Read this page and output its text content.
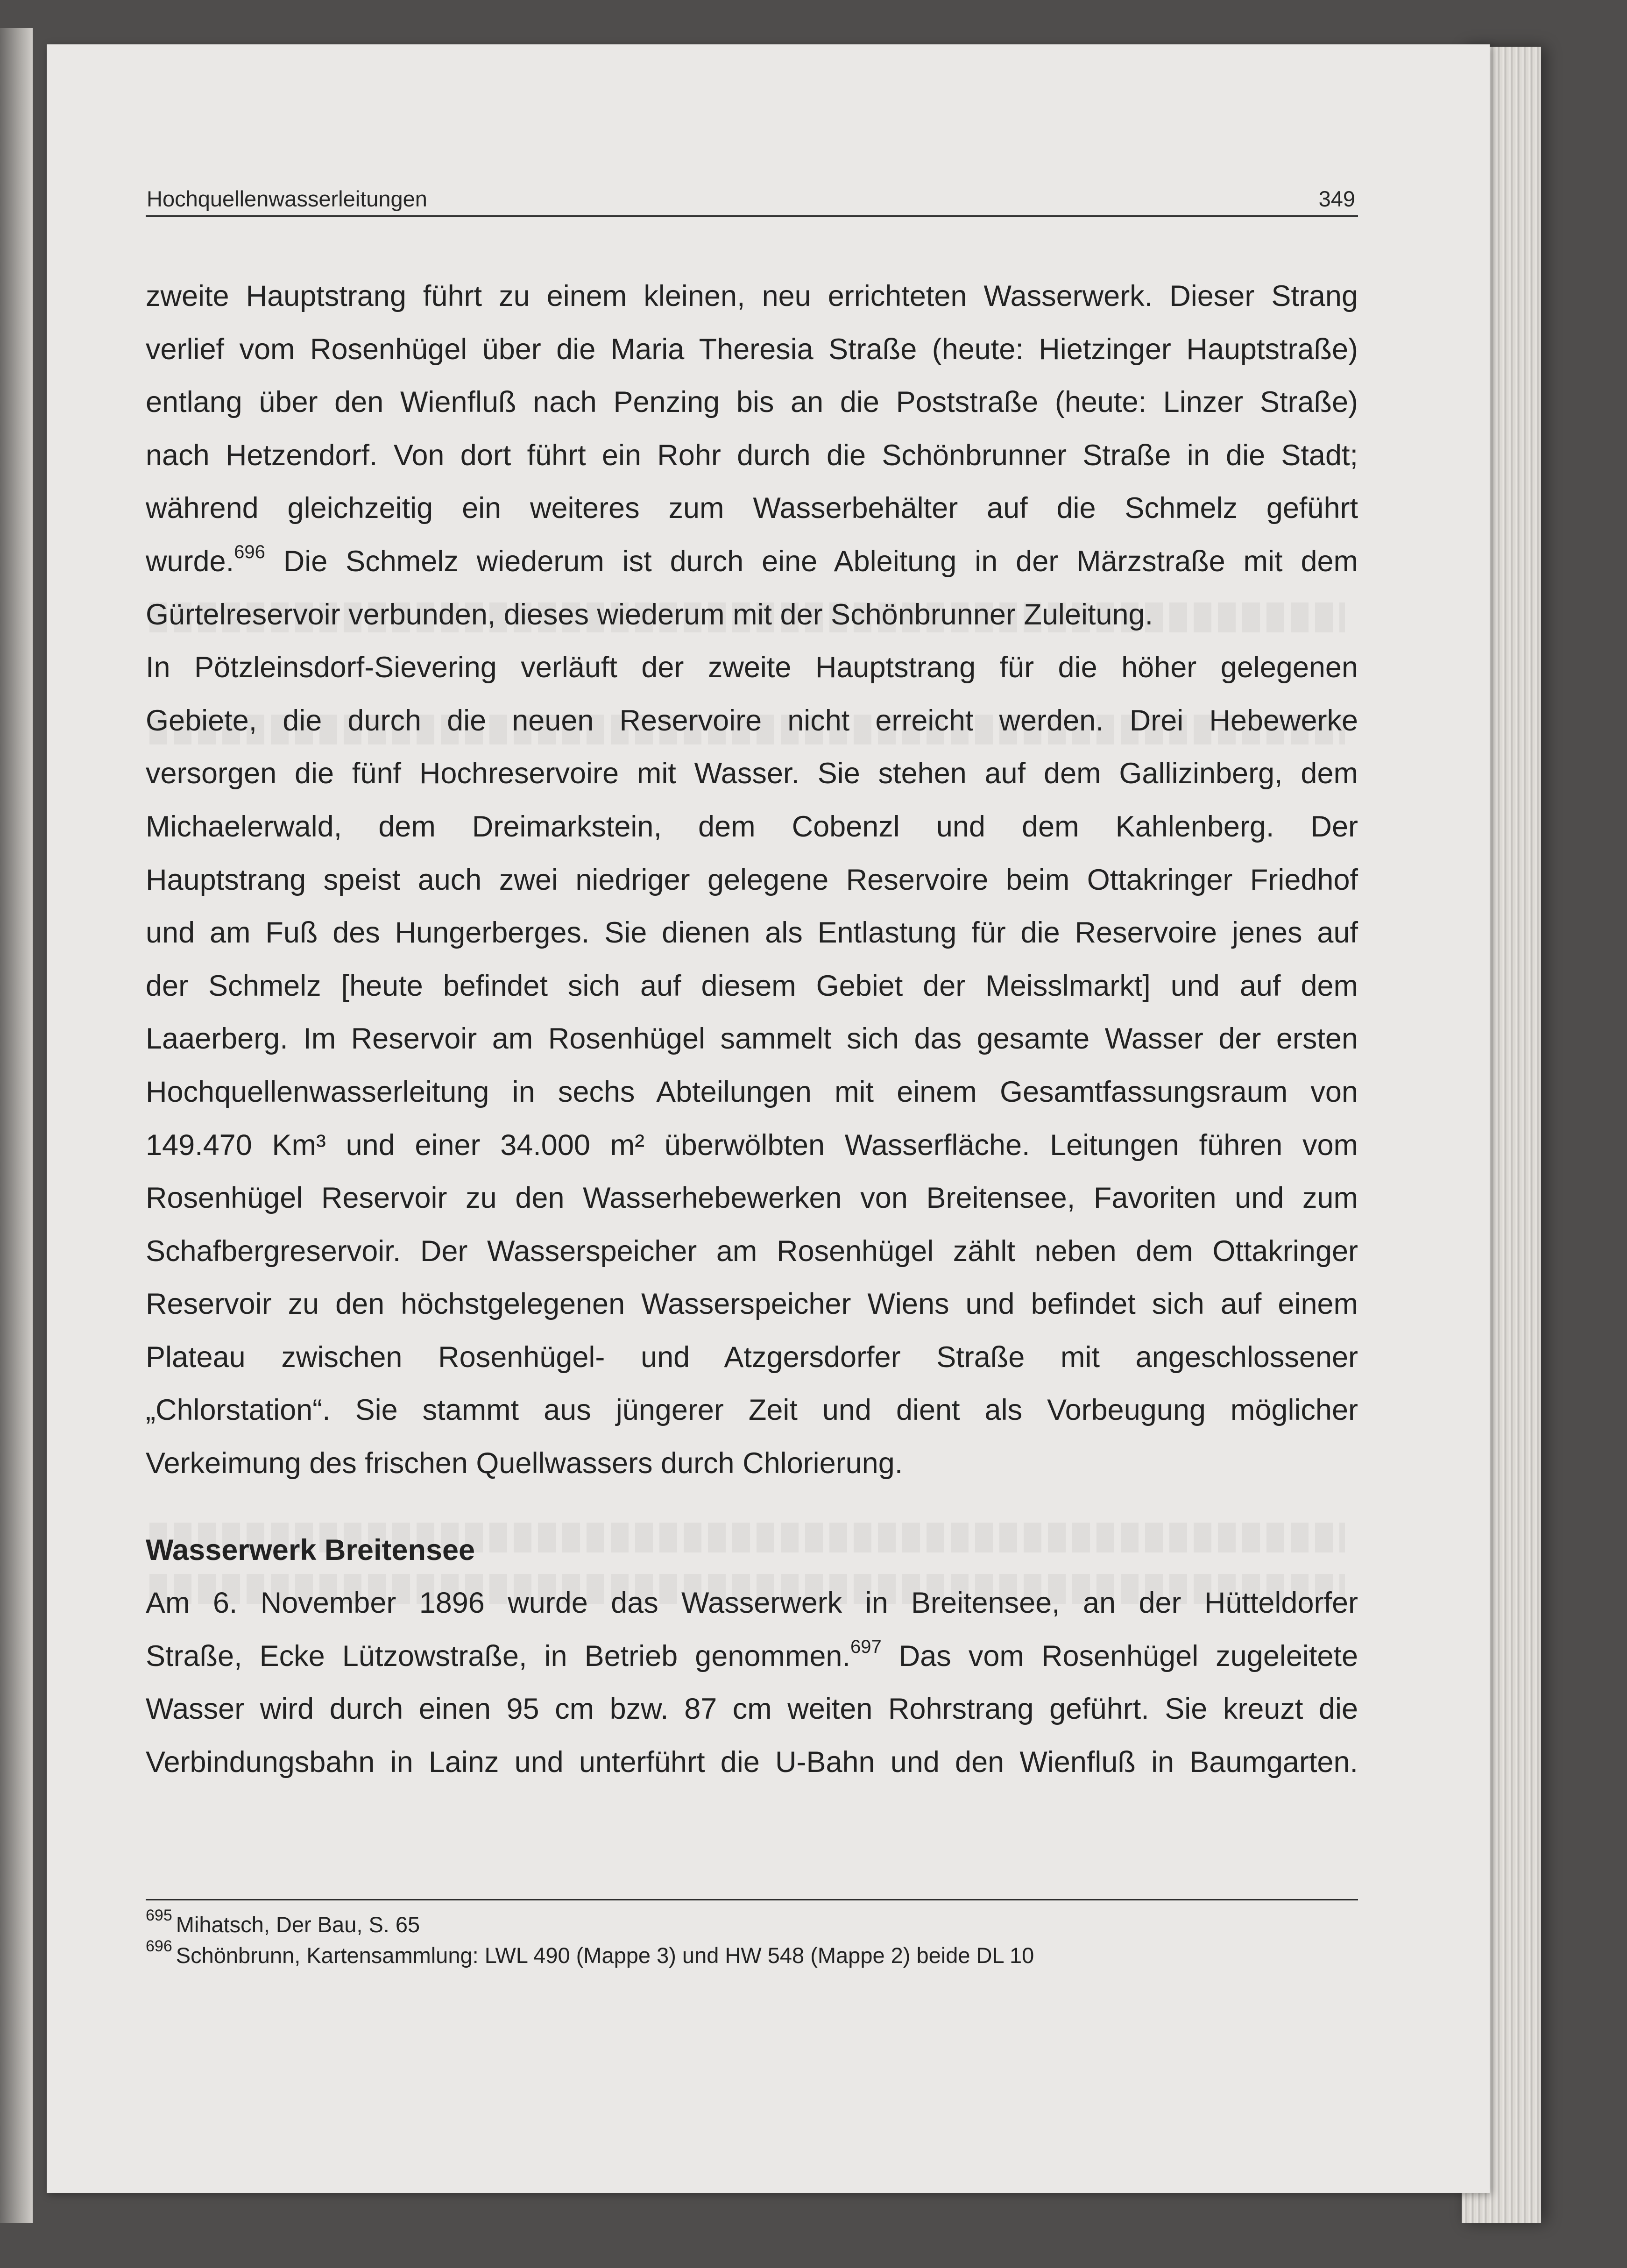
Hochquellenwasserleitungen	349

zweite Hauptstrang führt zu einem kleinen, neu errichteten Wasserwerk. Dieser Strang
verlief vom Rosenhügel über die Maria Theresia Straße (heute: Hietzinger Hauptstraße)
entlang über den Wienfluß nach Penzing bis an die Poststraße (heute: Linzer Straße)
nach Hetzendorf. Von dort führt ein Rohr durch die Schönbrunner Straße in die Stadt;
während gleichzeitig ein weiteres zum Wasserbehälter auf die Schmelz geführt
wurde.$^{696}$ Die Schmelz wiederum ist durch eine Ableitung in der Märzstraße mit dem
Gürtelreservoir verbunden, dieses wiederum mit der Schönbrunner Zuleitung.

In Pötzleinsdorf-Sievering verläuft der zweite Hauptstrang für die höher gelegenen
Gebiete, die durch die neuen Reservoire nicht erreicht werden. Drei Hebewerke
versorgen die fünf Hochreservoire mit Wasser. Sie stehen auf dem Gallizinberg, dem
Michaelerwald, dem Dreimarkstein, dem Cobenzl und dem Kahlenberg. Der
Hauptstrang speist auch zwei niedriger gelegene Reservoire beim Ottakringer Friedhof
und am Fuß des Hungerberges. Sie dienen als Entlastung für die Reservoire jenes auf
der Schmelz [heute befindet sich auf diesem Gebiet der Meisslmarkt] und auf dem
Laaerberg. Im Reservoir am Rosenhügel sammelt sich das gesamte Wasser der ersten
Hochquellenwasserleitung in sechs Abteilungen mit einem Gesamtfassungsraum von
149.470 Km³ und einer 34.000 m² überwölbten Wasserfläche. Leitungen führen vom
Rosenhügel Reservoir zu den Wasserhebewerken von Breitensee, Favoriten und zum
Schafbergreservoir. Der Wasserspeicher am Rosenhügel zählt neben dem Ottakringer
Reservoir zu den höchstgelegenen Wasserspeicher Wiens und befindet sich auf einem
Plateau zwischen Rosenhügel- und Atzgersdorfer Straße mit angeschlossener
„Chlorstation“. Sie stammt aus jüngerer Zeit und dient als Vorbeugung möglicher
Verkeimung des frischen Quellwassers durch Chlorierung.

Wasserwerk Breitensee

Am 6. November 1896 wurde das Wasserwerk in Breitensee, an der Hütteldorfer
Straße, Ecke Lützowstraße, in Betrieb genommen.$^{697}$ Das vom Rosenhügel zugeleitete
Wasser wird durch einen 95 cm bzw. 87 cm weiten Rohrstrang geführt. Sie kreuzt die
Verbindungsbahn in Lainz und unterführt die U-Bahn und den Wienfluß in Baumgarten.

$^{695}$ Mihatsch, Der Bau, S. 65
$^{696}$ Schönbrunn, Kartensammlung: LWL 490 (Mappe 3) und HW 548 (Mappe 2) beide DL 10
